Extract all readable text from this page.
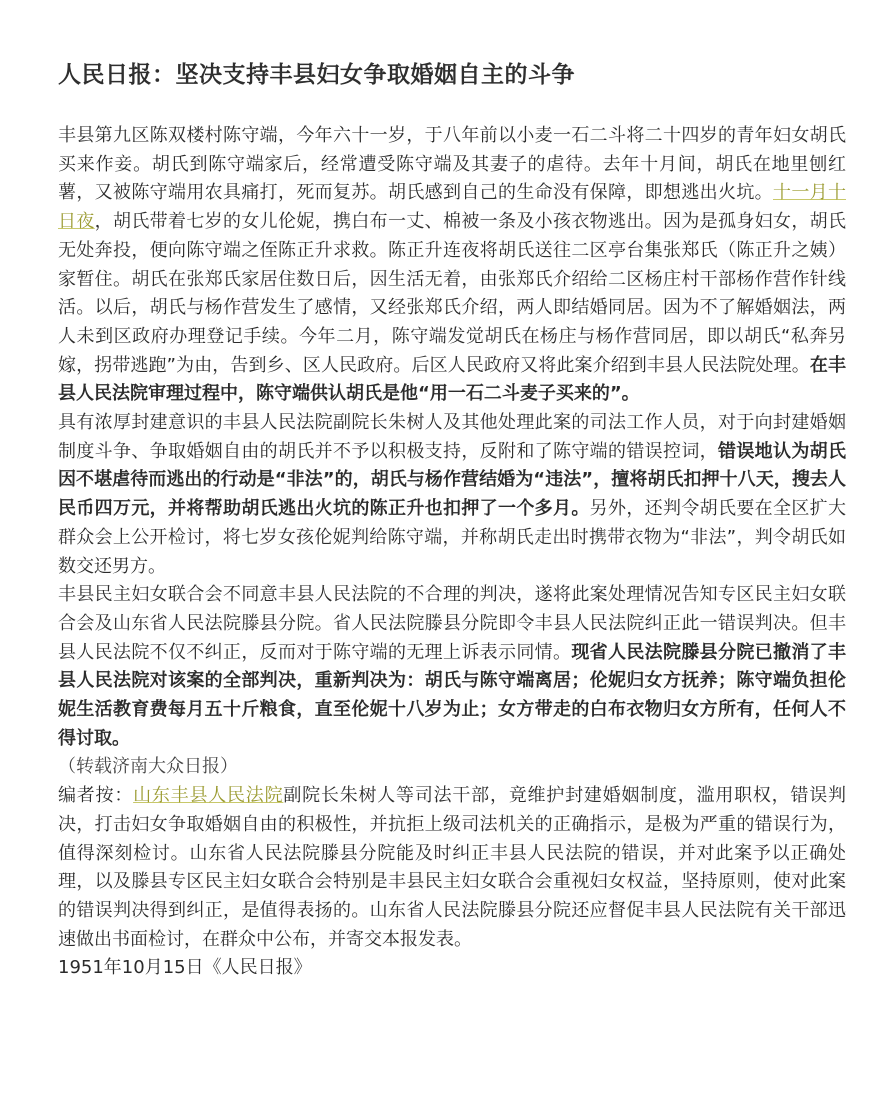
人民日报：坚决支持丰县妇女争取婚姻自主的斗争

丰县第九区陈双楼村陈守端，今年六十一岁，于八年前以小麦一石二斗将二十四岁的青年妇女胡氏买来作妾。胡氏到陈守端家后，经常遭受陈守端及其妻子的虐待。去年十月间，胡氏在地里刨红薯，又被陈守端用农具痛打，死而复苏。胡氏感到自己的生命没有保障，即想逃出火坑。十一月十日夜，胡氏带着七岁的女儿伦妮，携白布一丈、棉被一条及小孩衣物逃出。因为是孤身妇女，胡氏无处奔投，便向陈守端之侄陈正升求救。陈正升连夜将胡氏送往二区亭台集张郑氏（陈正升之姨）家暂住。胡氏在张郑氏家居住数日后，因生活无着，由张郑氏介绍给二区杨庄村干部杨作营作针线活。以后，胡氏与杨作营发生了感情，又经张郑氏介绍，两人即结婚同居。因为不了解婚姻法，两人未到区政府办理登记手续。今年二月，陈守端发觉胡氏在杨庄与杨作营同居，即以胡氏“私奔另嫁，拐带逃跑”为由，告到乡、区人民政府。后区人民政府又将此案介绍到丰县人民法院处理。在丰县人民法院审理过程中，陈守端供认胡氏是他“用一石二斗麦子买来的”。

具有浓厚封建意识的丰县人民法院副院长朱树人及其他处理此案的司法工作人员，对于向封建婚姻制度斗争、争取婚姻自由的胡氏并不予以积极支持，反附和了陈守端的错误控词，错误地认为胡氏因不堪虐待而逃出的行动是“非法”的，胡氏与杨作营结婚为“违法”，擅将胡氏扣押十八天，搜去人民币四万元，并将帮助胡氏逃出火坑的陈正升也扣押了一个多月。另外，还判令胡氏要在全区扩大群众会上公开检讨，将七岁女孩伦妮判给陈守端，并称胡氏走出时携带衣物为“非法”，判令胡氏如数交还男方。

丰县民主妇女联合会不同意丰县人民法院的不合理的判决，遂将此案处理情况告知专区民主妇女联合会及山东省人民法院滕县分院。省人民法院滕县分院即令丰县人民法院纠正此一错误判决。但丰县人民法院不仅不纠正，反而对于陈守端的无理上诉表示同情。现省人民法院滕县分院已撤消了丰县人民法院对该案的全部判决，重新判决为：胡氏与陈守端离居；伦妮归女方抚养；陈守端负担伦妮生活教育费每月五十斤粮食，直至伦妮十八岁为止；女方带走的白布衣物归女方所有，任何人不得讨取。

（转载济南大众日报）

编者按：山东丰县人民法院副院长朱树人等司法干部，竟维护封建婚姻制度，滥用职权，错误判决，打击妇女争取婚姻自由的积极性，并抗拒上级司法机关的正确指示，是极为严重的错误行为，值得深刻检讨。山东省人民法院滕县分院能及时纠正丰县人民法院的错误，并对此案予以正确处理，以及滕县专区民主妇女联合会特别是丰县民主妇女联合会重视妇女权益，坚持原则，使对此案的错误判决得到纠正，是值得表扬的。山东省人民法院滕县分院还应督促丰县人民法院有关干部迅速做出书面检讨，在群众中公布，并寄交本报发表。

1951年10月15日《人民日报》
